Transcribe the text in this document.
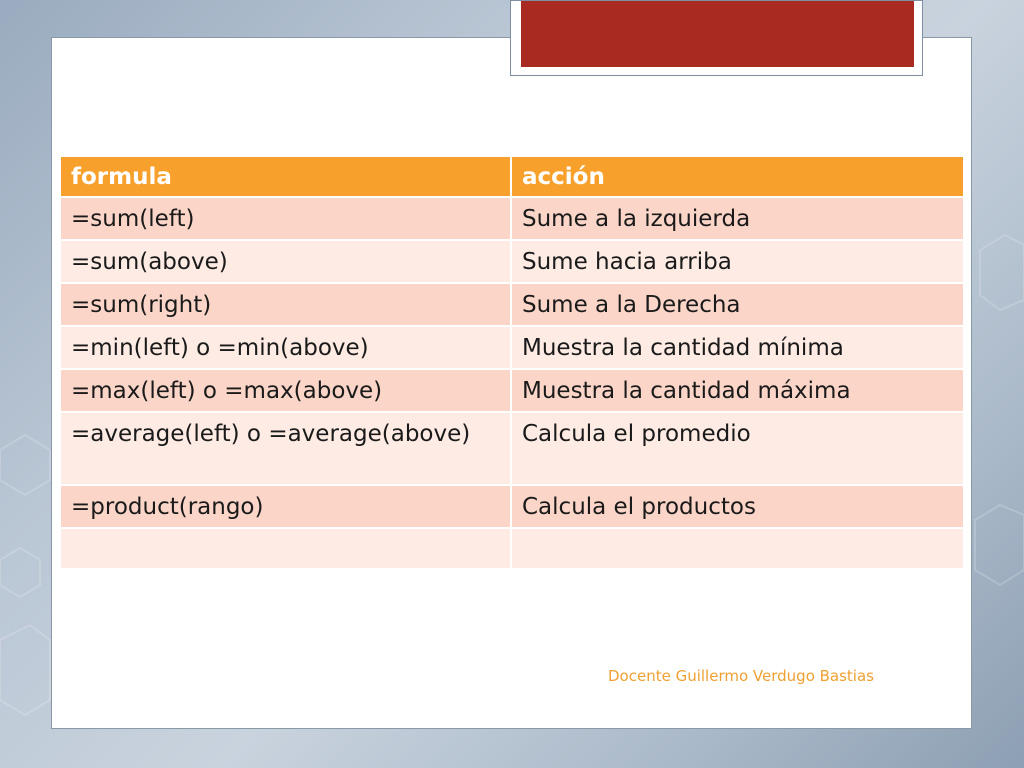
formula	acción
=sum(left)	Sume a la izquierda
=sum(above)	Sume hacia arriba
=sum(right)	Sume a la Derecha
=min(left) o =min(above)	Muestra la cantidad mínima
=max(left) o =max(above)	Muestra la cantidad máxima
=average(left) o =average(above)	Calcula el promedio
=product(rango)	Calcula el productos

Docente Guillermo Verdugo Bastias
